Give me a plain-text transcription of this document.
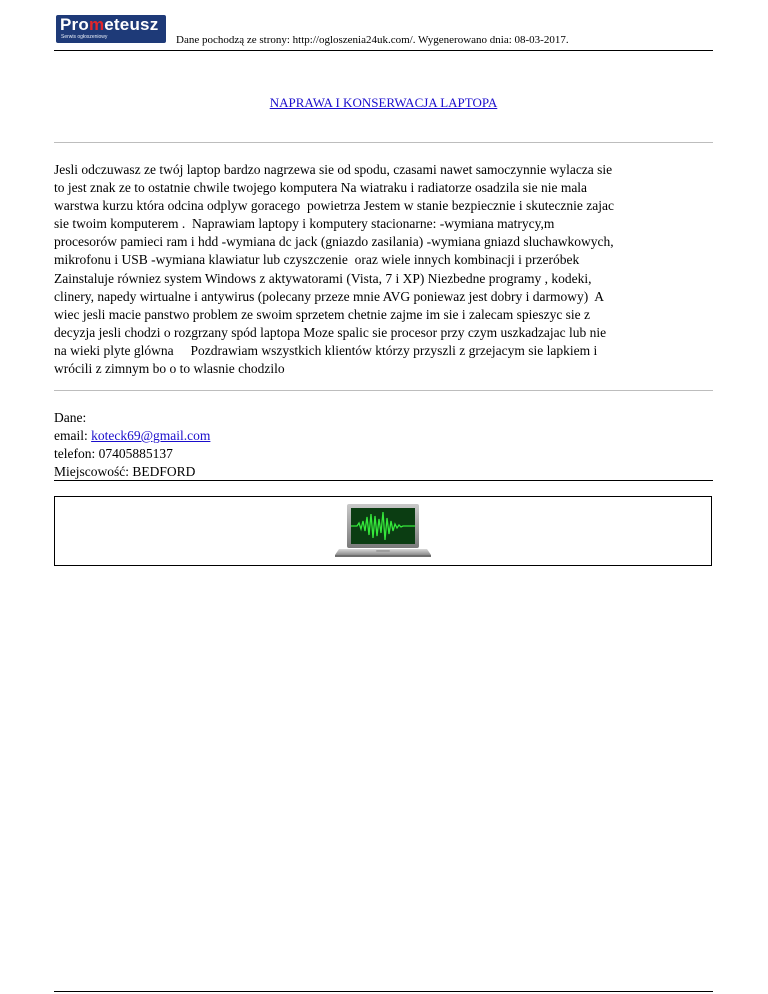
Prometeusz
Serwis ogłoszeniowy	Dane pochodzą ze strony: http://ogloszenia24uk.com/. Wygenerowano dnia: 08-03-2017.
NAPRAWA I KONSERWACJA LAPTOPA

Jesli odczuwasz ze twój laptop bardzo nagrzewa sie od spodu, czasami nawet samoczynnie wylacza sie

to jest znak ze to ostatnie chwile twojego komputera Na wiatraku i radiatorze osadzila sie nie mala

warstwa kurzu która odcina odplyw goracego  powietrza Jestem w stanie bezpiecznie i skutecznie zajac

sie twoim komputerem .  Naprawiam laptopy i komputery stacionarne: -wymiana matrycy,m

procesorów pamieci ram i hdd -wymiana dc jack (gniazdo zasilania) -wymiana gniazd sluchawkowych,

mikrofonu i USB -wymiana klawiatur lub czyszczenie  oraz wiele innych kombinacji i przeróbek

Zainstaluje równiez system Windows z aktywatorami (Vista, 7 i XP) Niezbedne programy , kodeki,

clinery, napedy wirtualne i antywirus (polecany przeze mnie AVG poniewaz jest dobry i darmowy)  A

wiec jesli macie panstwo problem ze swoim sprzetem chetnie zajme im sie i zalecam spieszyc sie z

decyzja jesli chodzi o rozgrzany spód laptopa Moze spalic sie procesor przy czym uszkadzajac lub nie

na wieki plyte glówna     Pozdrawiam wszystkich klientów którzy przyszli z grzejacym sie lapkiem i

wrócili z zimnym bo o to wlasnie chodzilo

Dane:
email: koteck69@gmail.com
telefon: 07405885137
Miejscowość: BEDFORD
